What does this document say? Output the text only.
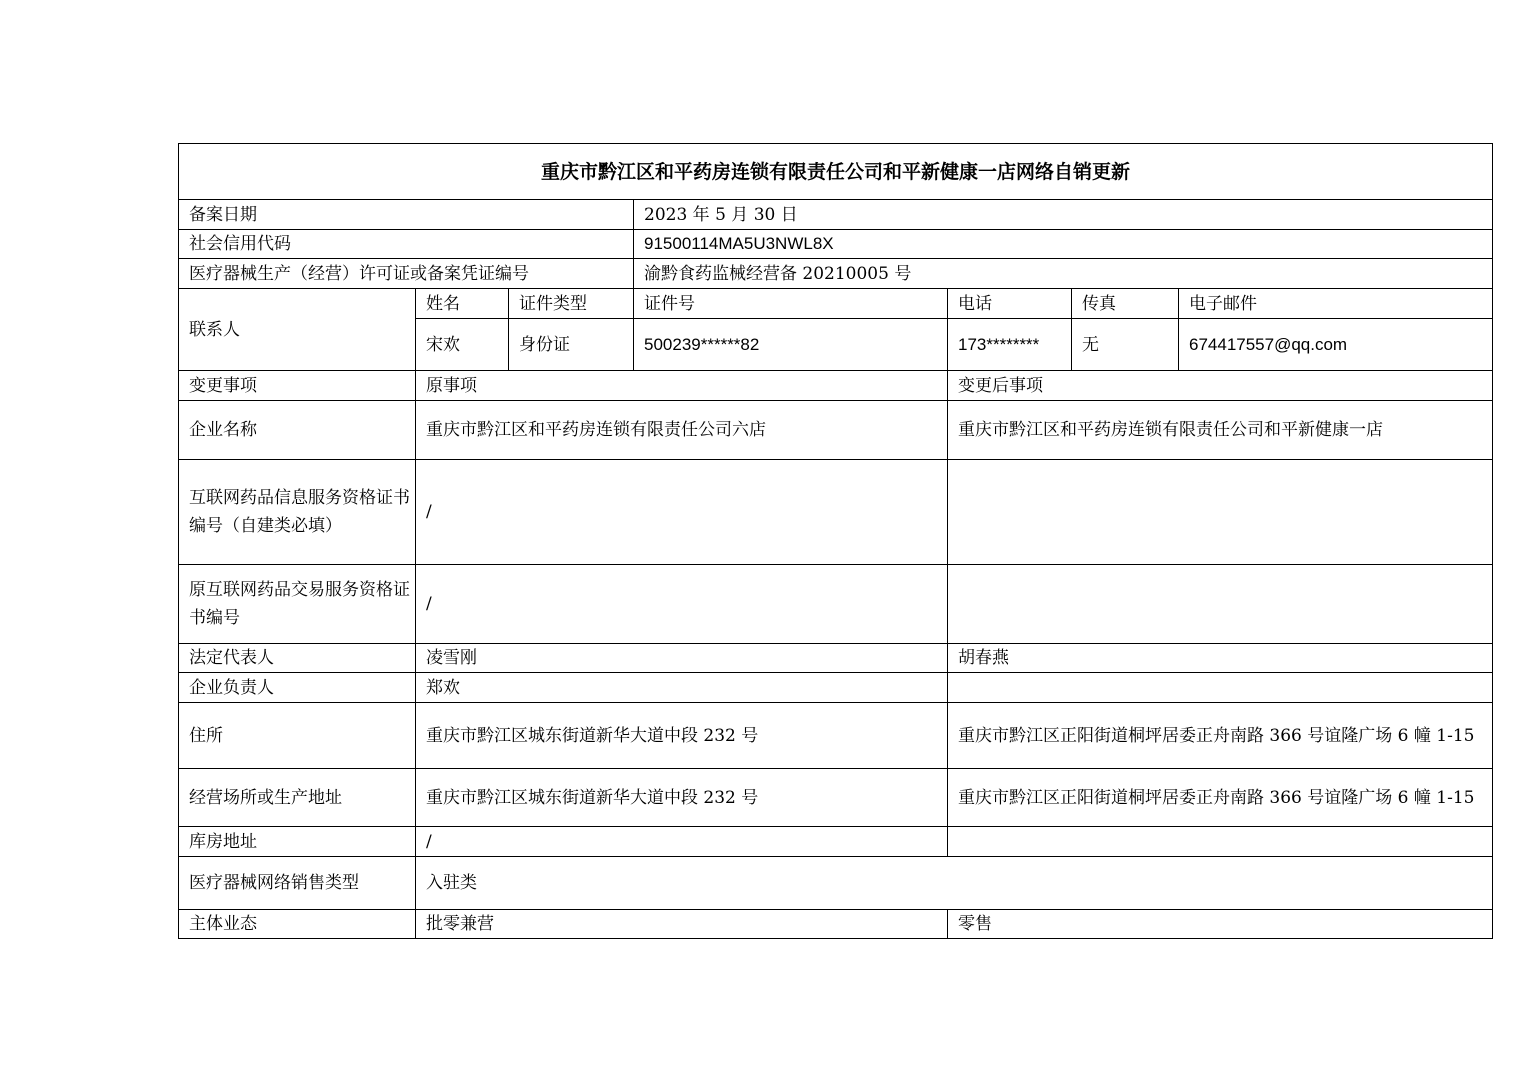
重庆市黔江区和平药房连锁有限责任公司和平新健康一店网络自销更新						
备案日期			2023 年 5 月 30 日			
社会信用代码			91500114MA5U3NWL8X			
医疗器械生产（经营）许可证或备案凭证编号			渝黔食药监械经营备 20210005 号			
联系人	姓名	证件类型	证件号	电话	传真	电子邮件
	宋欢	身份证	500239******82	173********	无	674417557@qq.com
变更事项	原事项			变更后事项		
企业名称	重庆市黔江区和平药房连锁有限责任公司六店			重庆市黔江区和平药房连锁有限责任公司和平新健康一店		
互联网药品信息服务资格证书编号（自建类必填）	/					
原互联网药品交易服务资格证书编号	/					
法定代表人	凌雪刚			胡春燕		
企业负责人	郑欢					
住所	重庆市黔江区城东街道新华大道中段 232 号			重庆市黔江区正阳街道桐坪居委正舟南路 366 号谊隆广场 6 幢 1-15		
经营场所或生产地址	重庆市黔江区城东街道新华大道中段 232 号			重庆市黔江区正阳街道桐坪居委正舟南路 366 号谊隆广场 6 幢 1-15		
库房地址	/					
医疗器械网络销售类型	入驻类					
主体业态	批零兼营			零售		
